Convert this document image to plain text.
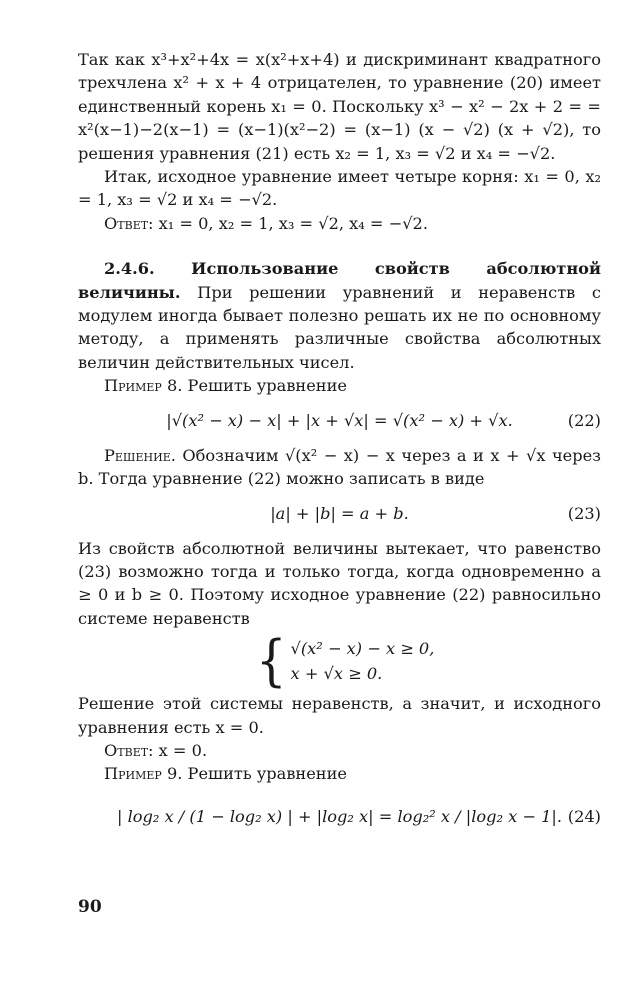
Так как x³+x²+4x = x(x²+x+4) и дискриминант квадратного трехчлена x² + x + 4 отрицателен, то уравнение (20) имеет единственный корень x₁ = 0. Поскольку x³ − x² − 2x + 2 = = x²(x−1)−2(x−1) = (x−1)(x²−2) = (x−1) (x − √2) (x + √2), то решения уравнения (21) есть x₂ = 1, x₃ = √2 и x₄ = −√2.

Итак, исходное уравнение имеет четыре корня: x₁ = 0, x₂ = 1, x₃ = √2 и x₄ = −√2.

Ответ: x₁ = 0, x₂ = 1, x₃ = √2, x₄ = −√2.

2.4.6. Использование свойств абсолютной величины. При решении уравнений и неравенств с модулем иногда бывает полезно решать их не по основному методу, а применять различные свойства абсолютных величин действительных чисел.

Пример 8. Решить уравнение

|√(x² − x) − x| + |x + √x| = √(x² − x) + √x.	(22)

Решение. Обозначим √(x² − x) − x через a и x + √x через b. Тогда уравнение (22) можно записать в виде

|a| + |b| = a + b.	(23)

Из свойств абсолютной величины вытекает, что равенство (23) возможно тогда и только тогда, когда одновременно a ≥ 0 и b ≥ 0. Поэтому исходное уравнение (22) равносильно системе неравенств

{ √(x² − x) − x ≥ 0,
x + √x ≥ 0.

Решение этой системы неравенств, а значит, и исходного уравнения есть x = 0.

Ответ: x = 0.

Пример 9. Решить уравнение

| log₂ x / (1 − log₂ x) | + |log₂ x| = log₂² x / |log₂ x − 1|. (24)
90
